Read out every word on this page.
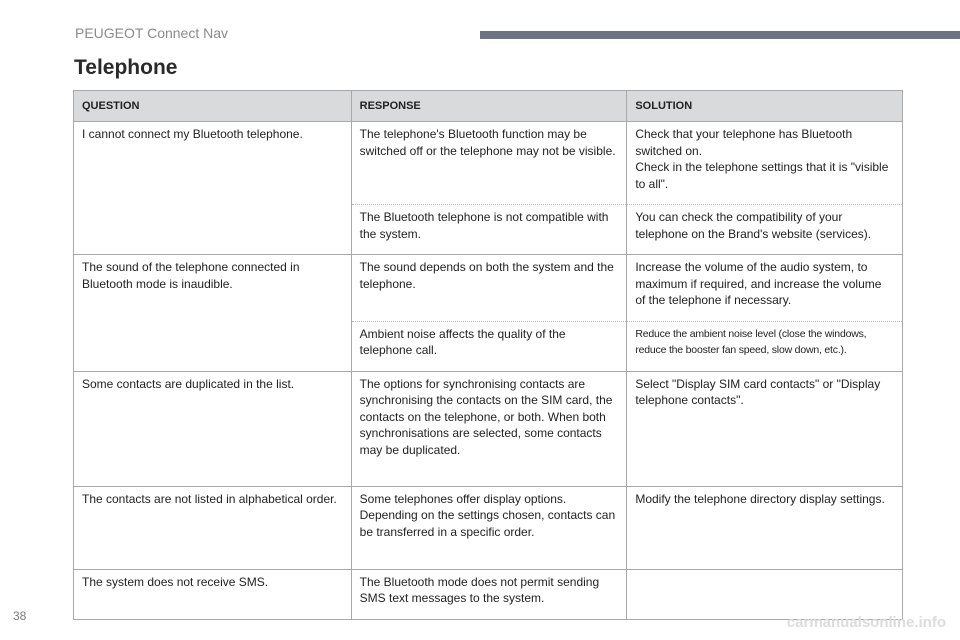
PEUGEOT Connect Nav
Telephone
QUESTION	RESPONSE	SOLUTION
I cannot connect my Bluetooth telephone.	The telephone's Bluetooth function may be switched off or the telephone may not be visible.	Check that your telephone has Bluetooth switched on.
Check in the telephone settings that it is "visible to all".
	The Bluetooth telephone is not compatible with the system.	You can check the compatibility of your telephone on the Brand's website (services).
The sound of the telephone connected in Bluetooth mode is inaudible.	The sound depends on both the system and the telephone.	Increase the volume of the audio system, to maximum if required, and increase the volume of the telephone if necessary.
	Ambient noise affects the quality of the telephone call.	Reduce the ambient noise level (close the windows, reduce the booster fan speed, slow down, etc.).
Some contacts are duplicated in the list.	The options for synchronising contacts are synchronising the contacts on the SIM card, the contacts on the telephone, or both. When both synchronisations are selected, some contacts may be duplicated.	Select "Display SIM card contacts" or "Display telephone contacts".
The contacts are not listed in alphabetical order.	Some telephones offer display options. Depending on the settings chosen, contacts can be transferred in a specific order.	Modify the telephone directory display settings.
The system does not receive SMS.	The Bluetooth mode does not permit sending SMS text messages to the system.	
38	carmanualsonline.info
